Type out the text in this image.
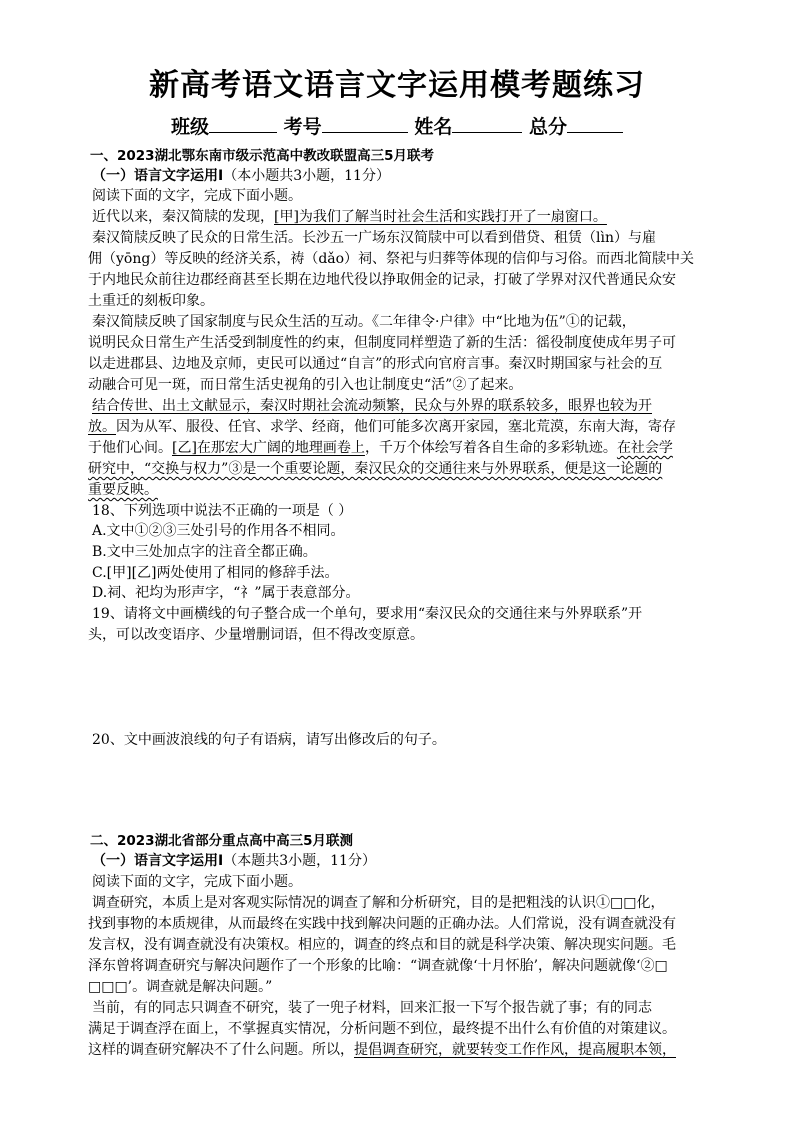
新高考语文语言文字运用模考题练习
班级	考号	姓名	总分
一、2023湖北鄂东南市级示范高中教改联盟高三5月联考
（一）语言文字运用Ⅰ（本小题共3小题，11分）
阅读下面的文字，完成下面小题。
近代以来，秦汉简牍的发现，[甲]为我们了解当时社会生活和实践打开了一扇窗口。
秦汉简牍反映了民众的日常生活。长沙五一广场东汉简牍中可以看到借贷、租赁（lìn）与雇
佣（yōng）等反映的经济关系，祷（dǎo）祠、祭祀与归葬等体现的信仰与习俗。而西北简牍中关
于内地民众前往边郡经商甚至长期在边地代役以挣取佣金的记录，打破了学界对汉代普通民众安
土重迁的刻板印象。
秦汉简牍反映了国家制度与民众生活的互动。《二年律令·户律》中“比地为伍”①的记载，
说明民众日常生产生活受到制度性的约束，但制度同样塑造了新的生活：徭役制度使成年男子可
以走进郡县、边地及京师，吏民可以通过“自言”的形式向官府言事。秦汉时期国家与社会的互
动融合可见一斑，而日常生活史视角的引入也让制度史“活”②了起来。
结合传世、出土文献显示，秦汉时期社会流动频繁，民众与外界的联系较多，眼界也较为开
放。因为从军、服役、任官、求学、经商，他们可能多次离开家园，塞北荒漠，东南大海，寄存
于他们心间。[乙]在那宏大广阔的地理画卷上，千万个体绘写着各自生命的多彩轨迹。在社会学
研究中，“交换与权力”③是一个重要论题，秦汉民众的交通往来与外界联系，便是这一论题的
重要反映。
18、下列选项中说法不正确的一项是（ ）
A.文中①②③三处引号的作用各不相同。
B.文中三处加点字的注音全都正确。
C.[甲][乙]两处使用了相同的修辞手法。
D.祠、祀均为形声字，“礻”属于表意部分。
19、请将文中画横线的句子整合成一个单句，要求用“秦汉民众的交通往来与外界联系”开
头，可以改变语序、少量增删词语，但不得改变原意。
20、文中画波浪线的句子有语病，请写出修改后的句子。
二、2023湖北省部分重点高中高三5月联测
（一）语言文字运用Ⅰ（本题共3小题，11分）
阅读下面的文字，完成下面小题。
调查研究，本质上是对客观实际情况的调查了解和分析研究，目的是把粗浅的认识①□□化，
找到事物的本质规律，从而最终在实践中找到解决问题的正确办法。人们常说，没有调查就没有
发言权，没有调查就没有决策权。相应的，调查的终点和目的就是科学决策、解决现实问题。毛
泽东曾将调查研究与解决问题作了一个形象的比喻：“调查就像‘十月怀胎’，解决问题就像‘②□
□□□’。调查就是解决问题。”
当前，有的同志只调查不研究，装了一兜子材料，回来汇报一下写个报告就了事；有的同志
满足于调查浮在面上，不掌握真实情况，分析问题不到位，最终提不出什么有价值的对策建议。
这样的调查研究解决不了什么问题。所以，提倡调查研究，就要转变工作作风，提高履职本领，
